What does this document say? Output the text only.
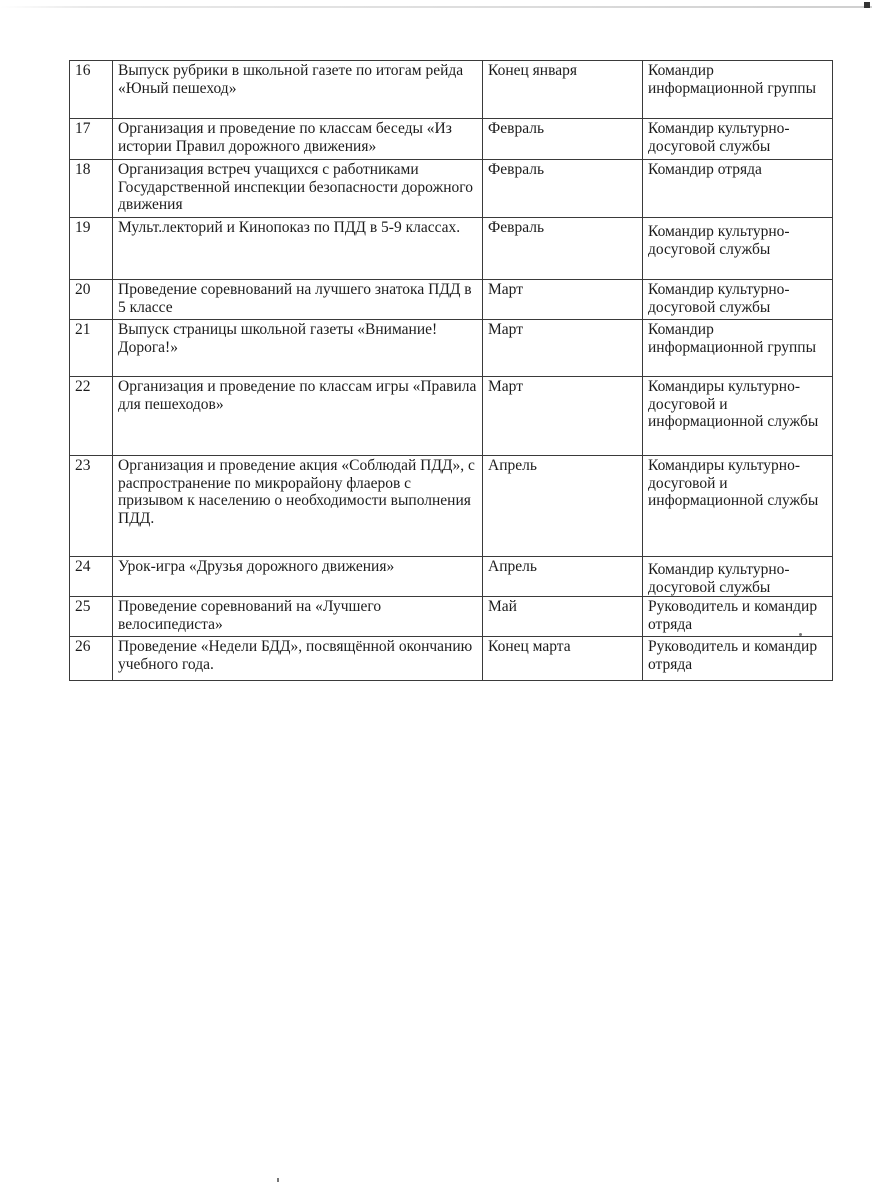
16	Выпуск рубрики в школьной газете по итогам рейда «Юный пешеход»	Конец января	Командир информационной группы
17	Организация и проведение по классам беседы «Из истории Правил дорожного движения»	Февраль	Командир культурно-досуговой службы
18	Организация встреч учащихся с работниками Государственной инспекции безопасности дорожного движения	Февраль	Командир отряда
19	Мульт.лекторий и Кинопоказ по ПДД в 5-9 классах.	Февраль	Командир культурно-досуговой службы
20	Проведение соревнований на лучшего знатока ПДД в 5 классе	Март	Командир культурно-досуговой службы
21	Выпуск страницы школьной газеты «Внимание! Дорога!»	Март	Командир информационной группы
22	Организация и проведение по классам игры «Правила для пешеходов»	Март	Командиры культурно-досуговой и информационной службы
23	Организация и проведение акция «Соблюдай ПДД», с распространение по микрорайону флаеров с призывом к населению о необходимости выполнения ПДД.	Апрель	Командиры культурно-досуговой и информационной службы
24	Урок-игра «Друзья дорожного движения»	Апрель	Командир культурно-досуговой службы
25	Проведение соревнований на «Лучшего велосипедиста»	Май	Руководитель и командир отряда
26	Проведение «Недели БДД», посвящённой окончанию учебного года.	Конец марта	Руководитель и командир отряда
